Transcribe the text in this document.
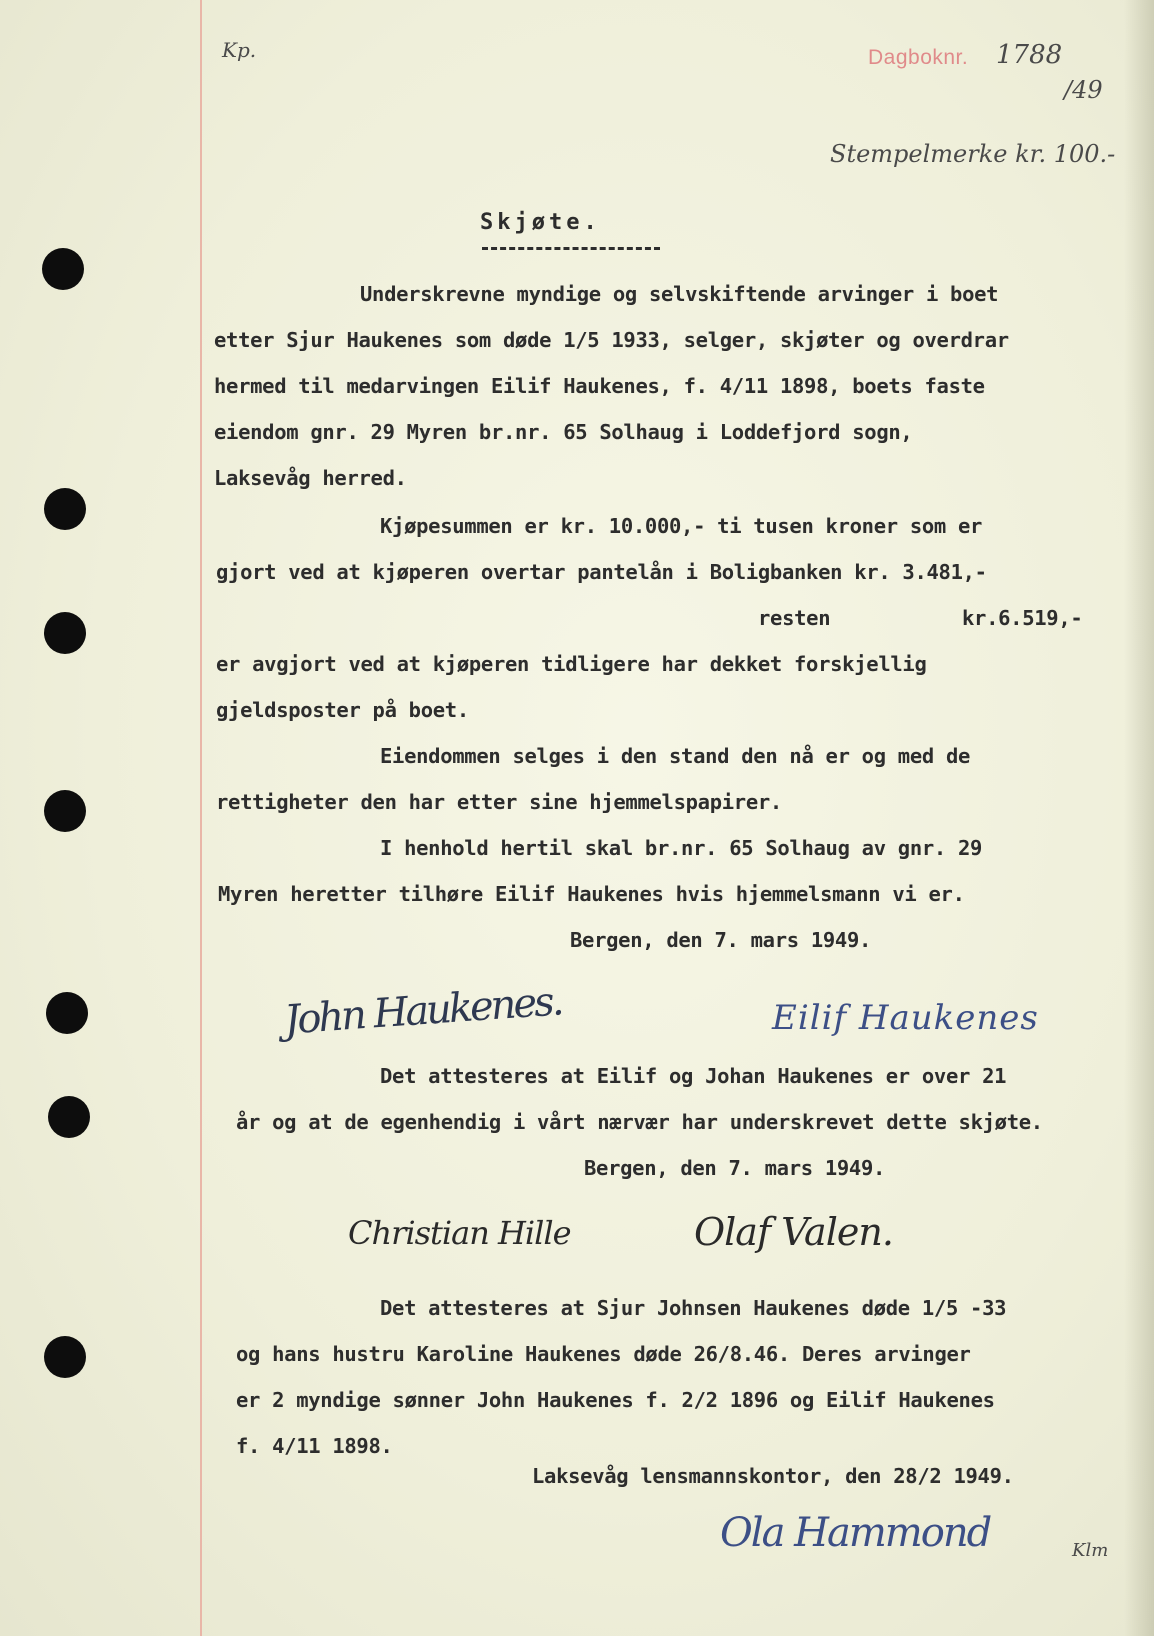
Kp.	Dagboknr. 1788
/49
Stempelmerke kr. 100.-
Skjøte.
Underskrevne myndige og selvskiftende arvinger i boet
etter Sjur Haukenes som døde 1/5 1933, selger, skjøter og overdrar
hermed til medarvingen Eilif Haukenes, f. 4/11 1898, boets faste
eiendom gnr. 29 Myren br.nr. 65 Solhaug i Loddefjord sogn,
Laksevåg herred.
Kjøpesummen er kr. 10.000,- ti tusen kroner som er
gjort ved at kjøperen overtar pantelån i Boligbanken kr. 3.481,-
resten	kr.6.519,-
er avgjort ved at kjøperen tidligere har dekket forskjellig
gjeldsposter på boet.
Eiendommen selges i den stand den nå er og med de
rettigheter den har etter sine hjemmelspapirer.
I henhold hertil skal br.nr. 65 Solhaug av gnr. 29
Myren heretter tilhøre Eilif Haukenes hvis hjemmelsmann vi er.
Bergen, den 7. mars 1949.
John Haukenes.	Eilif Haukenes
Det attesteres at Eilif og Johan Haukenes er over 21
år og at de egenhendig i vårt nærvær har underskrevet dette skjøte.
Bergen, den 7. mars 1949.
Christian Hille	Olaf Valen.
Det attesteres at Sjur Johnsen Haukenes døde 1/5 -33
og hans hustru Karoline Haukenes døde 26/8.46. Deres arvinger
er 2 myndige sønner John Haukenes f. 2/2 1896 og Eilif Haukenes
f. 4/11 1898.
Laksevåg lensmannskontor, den 28/2 1949.
Ola Hammond	Klm
